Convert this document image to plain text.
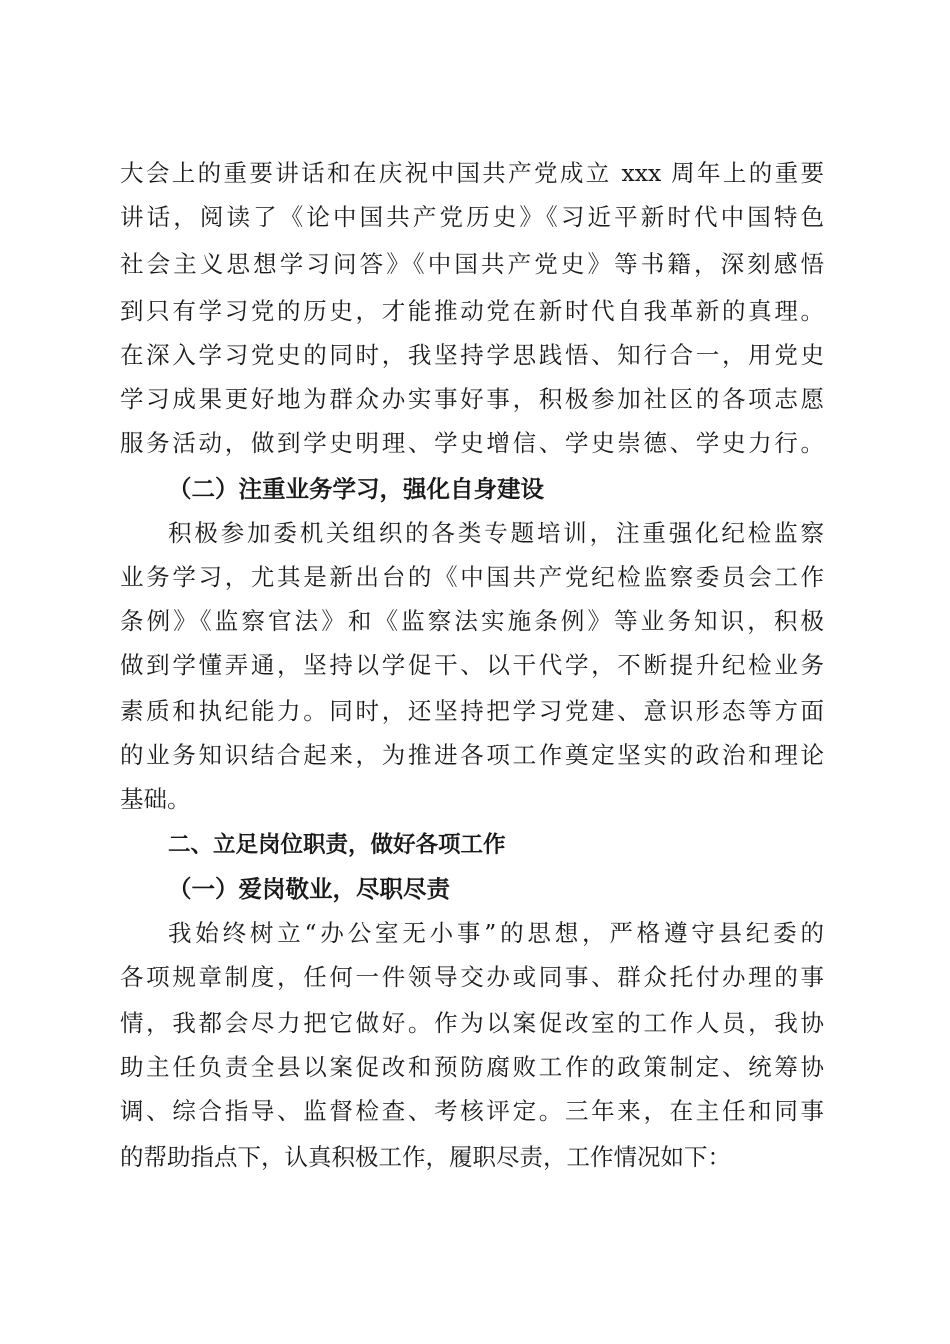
大会上的重要讲话和在庆祝中国共产党成立 xxx 周年上的重要
讲话，阅读了《论中国共产党历史》《习近平新时代中国特色
社会主义思想学习问答》《中国共产党史》等书籍，深刻感悟
到只有学习党的历史，才能推动党在新时代自我革新的真理。
在深入学习党史的同时，我坚持学思践悟、知行合一，用党史
学习成果更好地为群众办实事好事，积极参加社区的各项志愿
服务活动，做到学史明理、学史增信、学史崇德、学史力行。
（二）注重业务学习，强化自身建设
积极参加委机关组织的各类专题培训，注重强化纪检监察
业务学习，尤其是新出台的《中国共产党纪检监察委员会工作
条例》《监察官法》和《监察法实施条例》等业务知识，积极
做到学懂弄通，坚持以学促干、以干代学，不断提升纪检业务
素质和执纪能力。同时，还坚持把学习党建、意识形态等方面
的业务知识结合起来，为推进各项工作奠定坚实的政治和理论
基础。
二、立足岗位职责，做好各项工作
（一）爱岗敬业，尽职尽责
我始终树立“办公室无小事”的思想，严格遵守县纪委的
各项规章制度，任何一件领导交办或同事、群众托付办理的事
情，我都会尽力把它做好。作为以案促改室的工作人员，我协
助主任负责全县以案促改和预防腐败工作的政策制定、统筹协
调、综合指导、监督检查、考核评定。三年来，在主任和同事
的帮助指点下，认真积极工作，履职尽责，工作情况如下：
